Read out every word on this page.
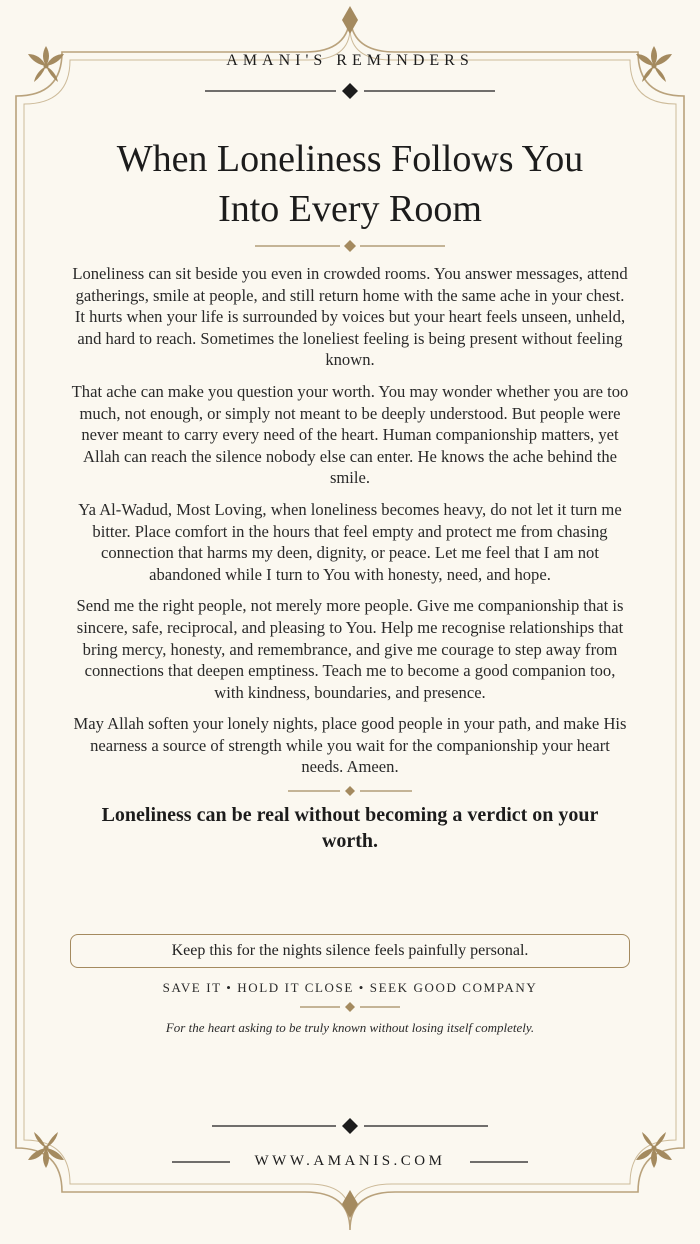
AMANI'S REMINDERS
When Loneliness Follows You
Into Every Room

Loneliness can sit beside you even in crowded rooms. You answer messages, attend gatherings, smile at people, and still return home with the same ache in your chest. It hurts when your life is surrounded by voices but your heart feels unseen, unheld, and hard to reach. Sometimes the loneliest feeling is being present without feeling known.

That ache can make you question your worth. You may wonder whether you are too much, not enough, or simply not meant to be deeply understood. But people were never meant to carry every need of the heart. Human companionship matters, yet Allah can reach the silence nobody else can enter. He knows the ache behind the smile.

Ya Al-Wadud, Most Loving, when loneliness becomes heavy, do not let it turn me bitter. Place comfort in the hours that feel empty and protect me from chasing connection that harms my deen, dignity, or peace. Let me feel that I am not abandoned while I turn to You with honesty, need, and hope.

Send me the right people, not merely more people. Give me companionship that is sincere, safe, reciprocal, and pleasing to You. Help me recognise relationships that bring mercy, honesty, and remembrance, and give me courage to step away from connections that deepen emptiness. Teach me to become a good companion too, with kindness, boundaries, and presence.

May Allah soften your lonely nights, place good people in your path, and make His nearness a source of strength while you wait for the companionship your heart needs. Ameen.

Loneliness can be real without becoming a verdict on your worth.
Keep this for the nights silence feels painfully personal.
SAVE IT • HOLD IT CLOSE • SEEK GOOD COMPANY
For the heart asking to be truly known without losing itself completely.
WWW.AMANIS.COM
